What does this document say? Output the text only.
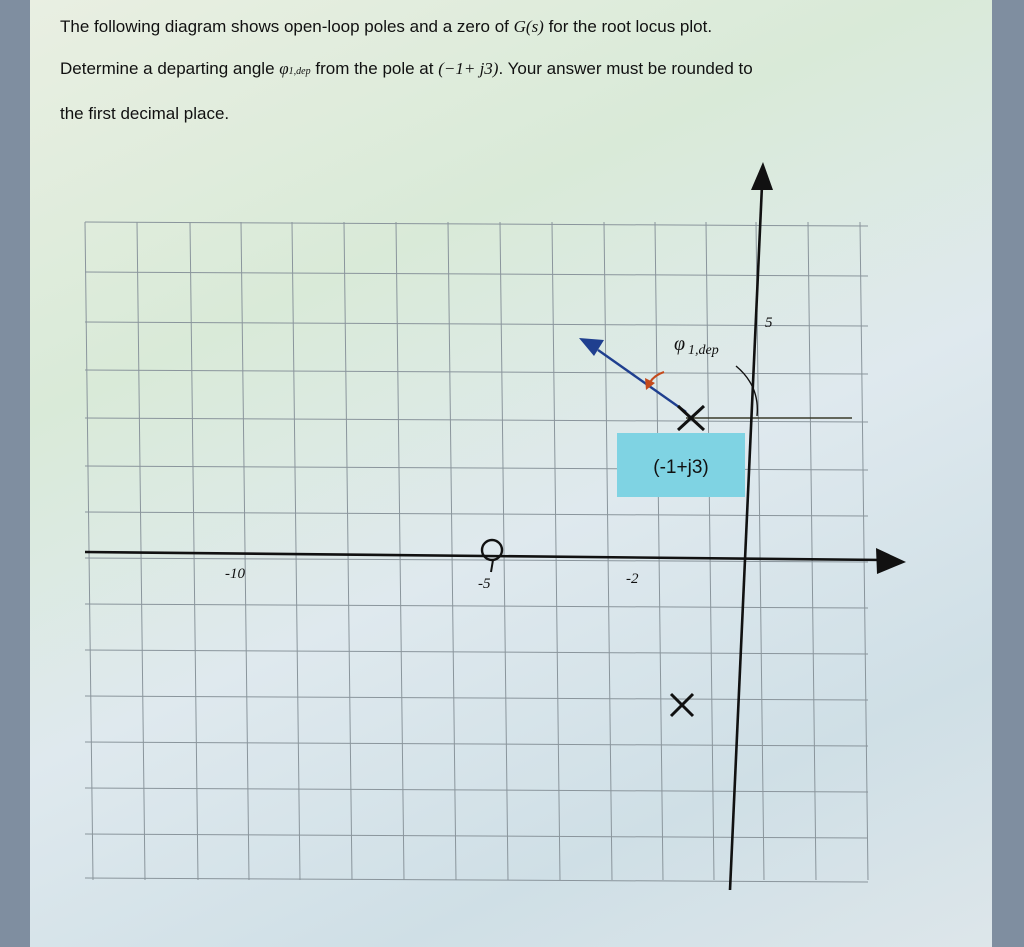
The following diagram shows open-loop poles and a zero of G(s) for the root locus plot.

Determine a departing angle φ1,dep from the pole at (−1+ j3). Your answer must be rounded to

the first decimal place.

(-1+j3)
-10
-5	-2
5
φ 1,dep
